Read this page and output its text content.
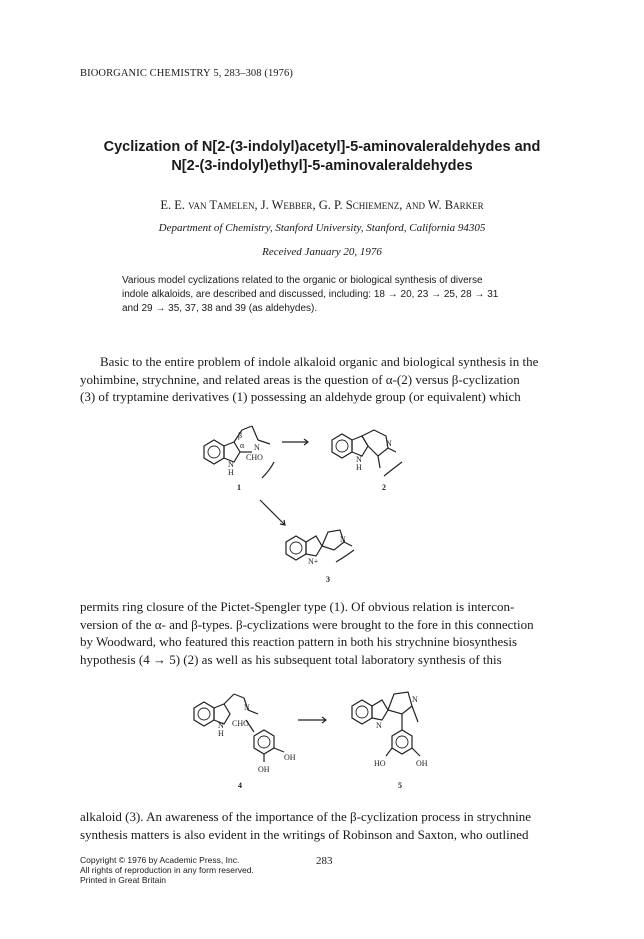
BIOORGANIC CHEMISTRY 5, 283–308 (1976)
Cyclization of N[2-(3-indolyl)acetyl]-5-aminovaleraldehydes and
N[2-(3-indolyl)ethyl]-5-aminovaleraldehydes
E. E. van Tamelen, J. Webber, G. P. Schiemenz, and W. Barker
Department of Chemistry, Stanford University, Stanford, California 94305
Received January 20, 1976
Various model cyclizations related to the organic or biological synthesis of diverse
indole alkaloids, are described and discussed, including: 18 → 20, 23 → 25, 28 → 31
and 29 → 35, 37, 38 and 39 (as aldehydes).
Basic to the entire problem of indole alkaloid organic and biological synthesis in the
yohimbine, strychnine, and related areas is the question of α-(2) versus β-cyclization
(3) of tryptamine derivatives (1) possessing an aldehyde group (or equivalent) which
β
α N
N
H
CHO
N
N
H
N
N+
1	2
3
permits ring closure of the Pictet-Spengler type (1). Of obvious relation is intercon-
version of the α- and β-types. β-cyclizations were brought to the fore in this connection
by Woodward, who featured this reaction pattern in both his strychnine biosynthesis
hypothesis (4 → 5) (2) as well as his subsequent total laboratory synthesis of this
N
N
H
CHO
OH
OH
N
N
HO	OH
4	5
alkaloid (3). An awareness of the importance of the β-cyclization process in strychnine
synthesis matters is also evident in the writings of Robinson and Saxton, who outlined
Copyright © 1976 by Academic Press, Inc.
All rights of reproduction in any form reserved.
Printed in Great Britain
283
